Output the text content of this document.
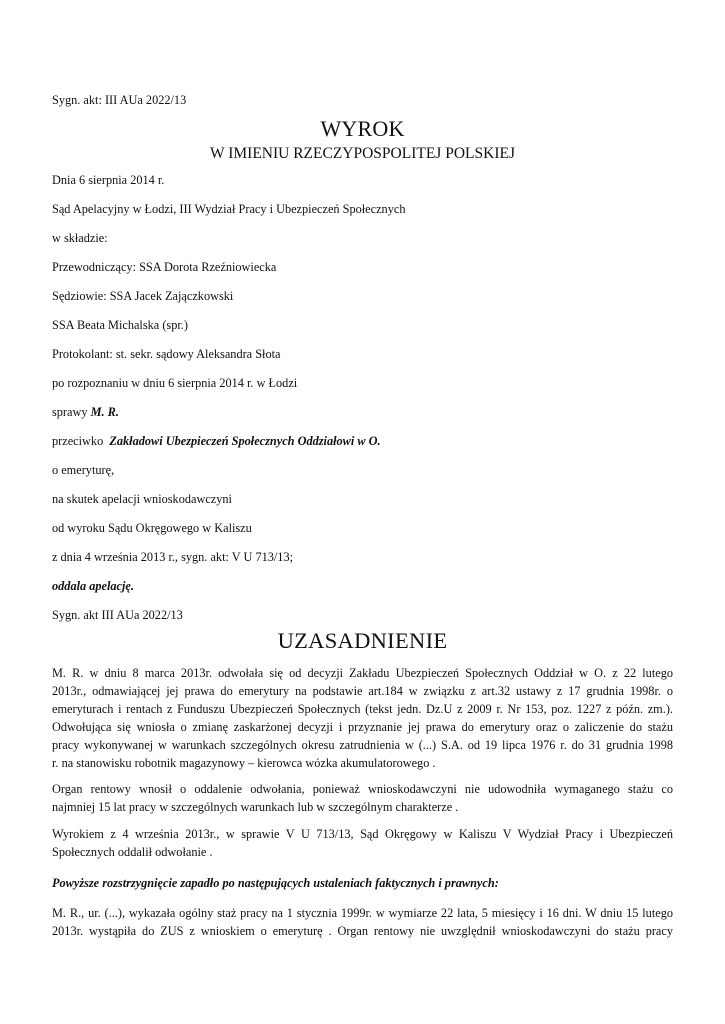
Sygn. akt: III AUa 2022/13
WYROK
W IMIENIU RZECZYPOSPOLITEJ POLSKIEJ
Dnia 6 sierpnia 2014 r.
Sąd Apelacyjny w Łodzi, III Wydział Pracy i Ubezpieczeń Społecznych
w składzie:
Przewodniczący: SSA Dorota Rzeźniowiecka
Sędziowie: SSA Jacek Zajączkowski
SSA Beata Michalska (spr.)
Protokolant: st. sekr. sądowy Aleksandra Słota
po rozpoznaniu w dniu 6 sierpnia 2014 r. w Łodzi
sprawy M. R.
przeciwko  Zakładowi Ubezpieczeń Społecznych Oddziałowi w O.
o emeryturę,
na skutek apelacji wnioskodawczyni
od wyroku Sądu Okręgowego w Kaliszu
z dnia 4 września 2013 r., sygn. akt: V U 713/13;
oddala apelację.
Sygn. akt III AUa 2022/13
UZASADNIENIE
M. R. w dniu 8 marca 2013r. odwołała się od decyzji Zakładu Ubezpieczeń Społecznych Oddział w O. z 22 lutego
2013r., odmawiającej jej prawa do emerytury na podstawie art.184 w związku z art.32 ustawy z 17 grudnia 1998r. o
emeryturach i rentach z Funduszu Ubezpieczeń Społecznych (tekst jedn. Dz.U z 2009 r. Nr 153, poz. 1227 z późn. zm.).
Odwołująca się wniosła o zmianę zaskarżonej decyzji i przyznanie jej prawa do emerytury oraz o zaliczenie do stażu
pracy wykonywanej w warunkach szczególnych okresu zatrudnienia w (...) S.A. od 19 lipca 1976 r. do 31 grudnia 1998
r. na stanowisku robotnik magazynowy – kierowca wózka akumulatorowego .
Organ rentowy wnosił o oddalenie odwołania, ponieważ wnioskodawczyni nie udowodniła wymaganego stażu co
najmniej 15 lat pracy w szczególnych warunkach lub w szczególnym charakterze .
Wyrokiem z 4 września 2013r., w sprawie V U 713/13, Sąd Okręgowy w Kaliszu V Wydział Pracy i Ubezpieczeń
Społecznych oddalił odwołanie .
Powyższe rozstrzygnięcie zapadło po następujących ustaleniach faktycznych i prawnych:
M. R., ur. (...), wykazała ogólny staż pracy na 1 stycznia 1999r. w wymiarze 22 lata, 5 miesięcy i 16 dni. W dniu 15 lutego
2013r. wystąpiła do ZUS z wnioskiem o emeryturę . Organ rentowy nie uwzględnił wnioskodawczyni do stażu pracy
